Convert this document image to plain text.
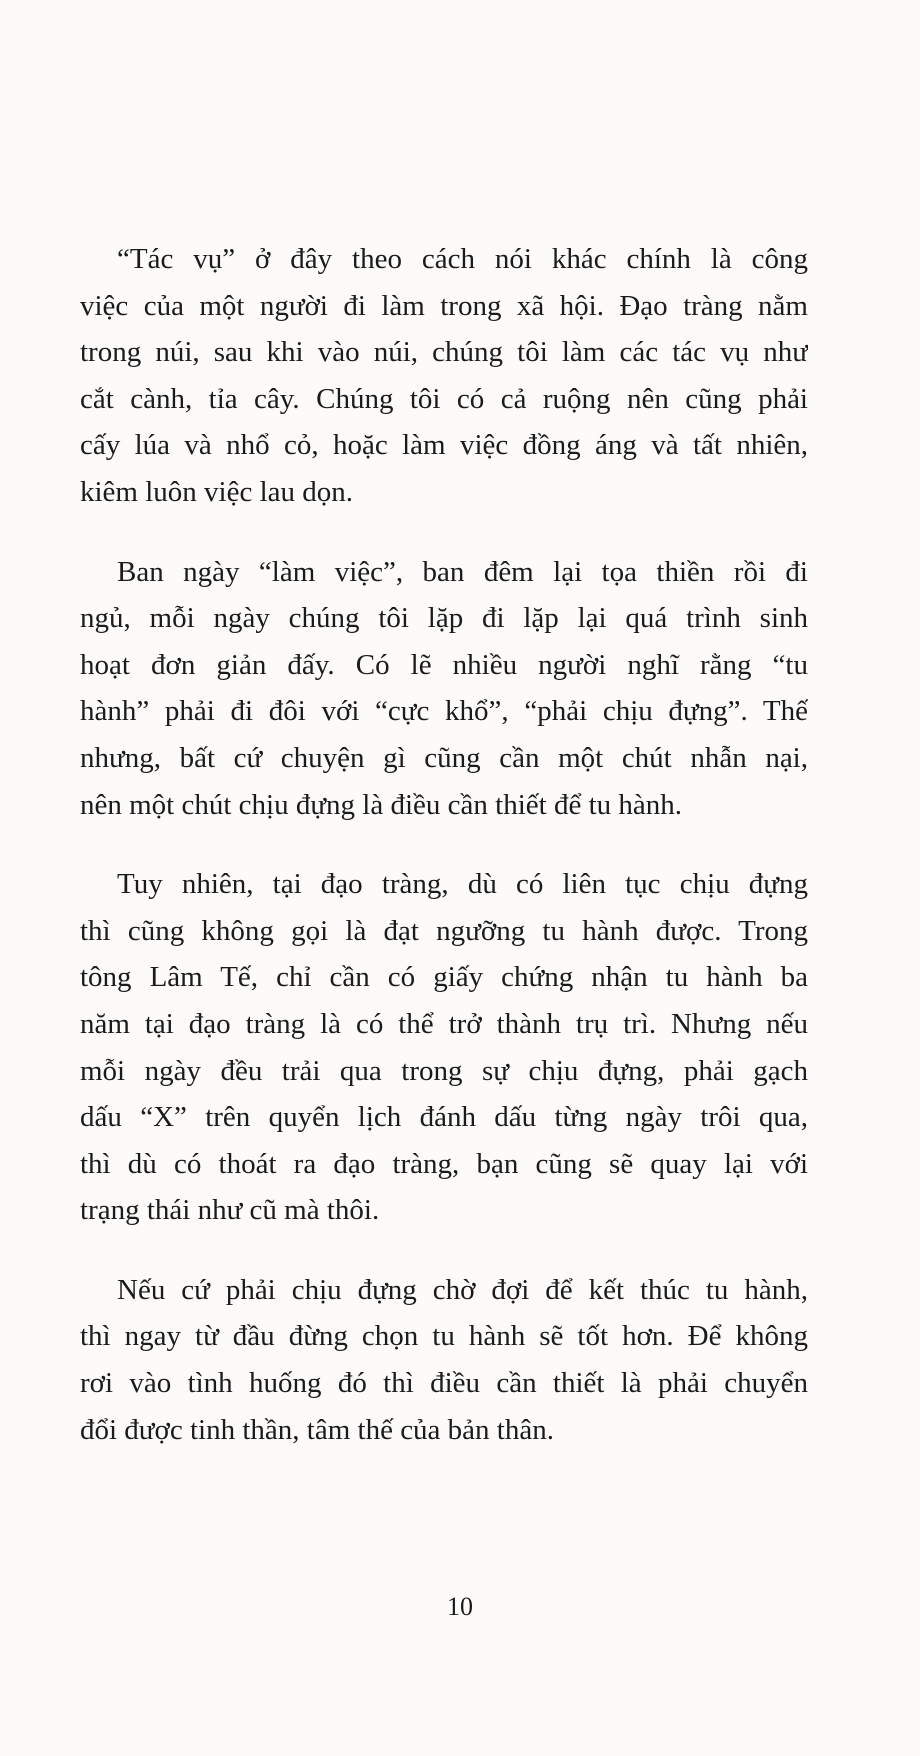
“Tác vụ” ở đây theo cách nói khác chính là công
việc của một người đi làm trong xã hội. Đạo tràng nằm
trong núi, sau khi vào núi, chúng tôi làm các tác vụ như
cắt cành, tỉa cây. Chúng tôi có cả ruộng nên cũng phải
cấy lúa và nhổ cỏ, hoặc làm việc đồng áng và tất nhiên,
kiêm luôn việc lau dọn.
Ban ngày “làm việc”, ban đêm lại tọa thiền rồi đi
ngủ, mỗi ngày chúng tôi lặp đi lặp lại quá trình sinh
hoạt đơn giản đấy. Có lẽ nhiều người nghĩ rằng “tu
hành” phải đi đôi với “cực khổ”, “phải chịu đựng”. Thế
nhưng, bất cứ chuyện gì cũng cần một chút nhẫn nại,
nên một chút chịu đựng là điều cần thiết để tu hành.
Tuy nhiên, tại đạo tràng, dù có liên tục chịu đựng
thì cũng không gọi là đạt ngưỡng tu hành được. Trong
tông Lâm Tế, chỉ cần có giấy chứng nhận tu hành ba
năm tại đạo tràng là có thể trở thành trụ trì. Nhưng nếu
mỗi ngày đều trải qua trong sự chịu đựng, phải gạch
dấu “X” trên quyển lịch đánh dấu từng ngày trôi qua,
thì dù có thoát ra đạo tràng, bạn cũng sẽ quay lại với
trạng thái như cũ mà thôi.
Nếu cứ phải chịu đựng chờ đợi để kết thúc tu hành,
thì ngay từ đầu đừng chọn tu hành sẽ tốt hơn. Để không
rơi vào tình huống đó thì điều cần thiết là phải chuyển
đổi được tinh thần, tâm thế của bản thân.
10
